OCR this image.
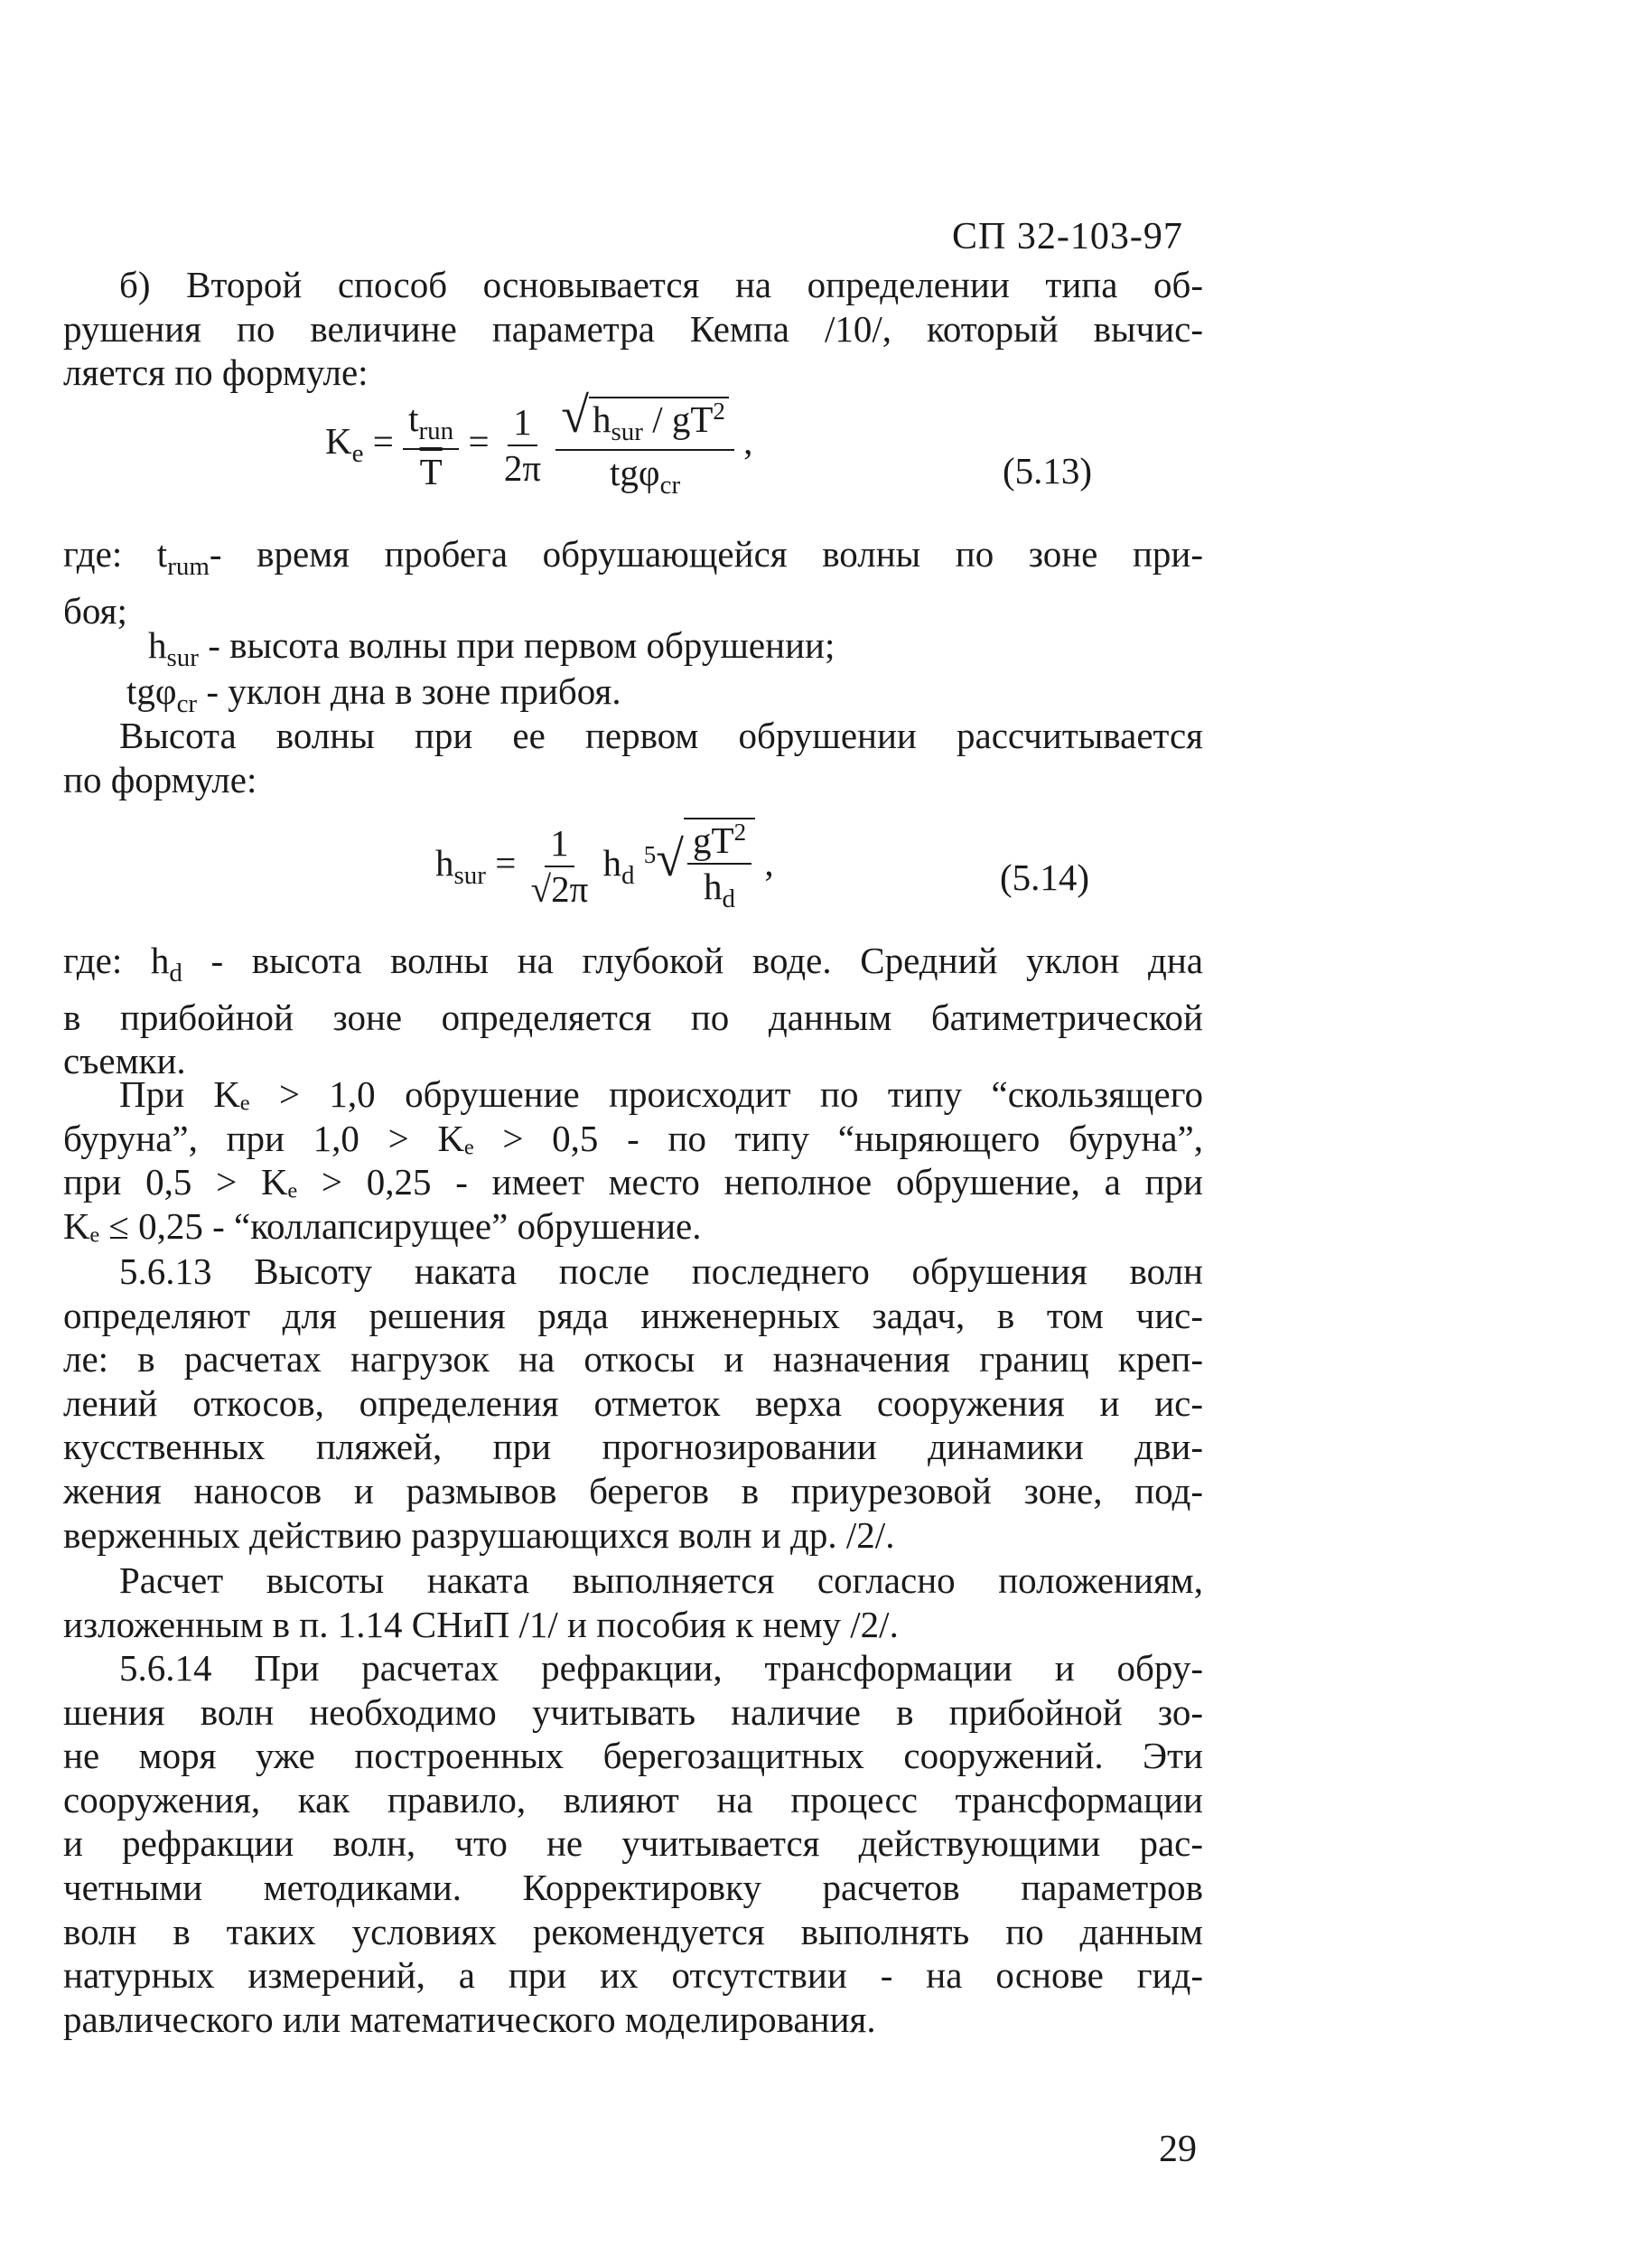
СП 32-103-97
б) Второй способ основывается на определении типа об-
рушения по величине параметра Кемпа /10/, который вычис-
ляется по формуле:
$K_e = \frac{t_{run}}{T} = \frac{1}{2\pi}$
$\frac{√h_{sur} / gT^2}{tg\varphi_{cr}}$ ,
(5.13)
где: $t_{rum}-$ время пробега обрушающейся волны по зоне при-
боя;
$h_{sur}$ - высота волны при первом обрушении;
tgφ$_{cr}$ - уклон дна в зоне прибоя.
Высота волны при ее первом обрушении рассчитывается
по формуле:
$h_{sur} = \frac{1}{√2\pi} h_d$ $^5√ \frac{gT^2}{h_d}$ ,	(5.14)
где: $h_d$ - высота волны на глубокой воде. Средний уклон дна
в прибойной зоне определяется по данным батиметрической
съемки.
При Kₑ > 1,0 обрушение происходит по типу “скользящего
буруна”, при 1,0 > Kₑ > 0,5 - по типу “ныряющего буруна”,
при 0,5 > Kₑ > 0,25 - имеет место неполное обрушение, а при
Kₑ ≤ 0,25 - “коллапсирущее” обрушение.
5.6.13 Высоту наката после последнего обрушения волн
определяют для решения ряда инженерных задач, в том чис-
ле: в расчетах нагрузок на откосы и назначения границ креп-
лений откосов, определения отметок верха сооружения и ис-
кусственных пляжей, при прогнозировании динамики дви-
жения наносов и размывов берегов в приурезовой зоне, под-
верженных действию разрушающихся волн и др. /2/.
Расчет высоты наката выполняется согласно положениям,
изложенным в п. 1.14 СНиП /1/ и пособия к нему /2/.
5.6.14 При расчетах рефракции, трансформации и обру-
шения волн необходимо учитывать наличие в прибойной зо-
не моря уже построенных берегозащитных сооружений. Эти
сооружения, как правило, влияют на процесс трансформации
и рефракции волн, что не учитывается действующими рас-
четными методиками. Корректировку расчетов параметров
волн в таких условиях рекомендуется выполнять по данным
натурных измерений, а при их отсутствии - на основе гид-
равлического или математического моделирования.
29
